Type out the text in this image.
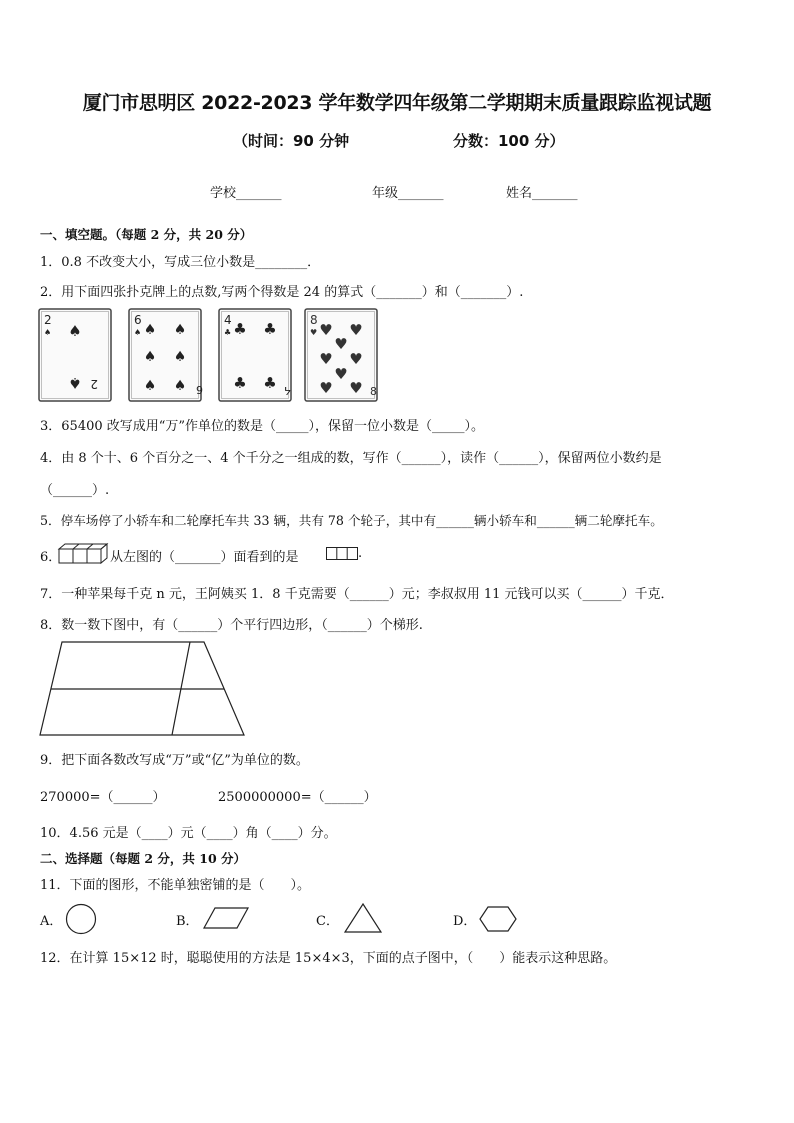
厦门市思明区 2022-2023 学年数学四年级第二学期期末质量跟踪监视试题
（时间：90 分钟	分数：100 分）
学校_______	年级_______	姓名_______
一、填空题。（每题 2 分，共 20 分）
1．0.8 不改变大小，写成三位小数是________．
2．用下面四张扑克牌上的点数,写两个得数是 24 的算式（_______）和（_______）.
2
♠ ♠
♠ 2
6
♠ ♠ ♠
♠ ♠
♠ ♠ 9
4
♣ ♣ ♣
♣ ♣ ᔭ
8
♥ ♥ ♥
♥
♥ ♥
♥
♥ ♥ 8
3．65400 改写成用“万”作单位的数是（_____），保留一位小数是（_____）。
4．由 8 个十、6 个百分之一、4 个千分之一组成的数，写作（______），读作（______），保留两位小数约是
（______）.
5．停车场停了小轿车和二轮摩托车共 33 辆，共有 78 个轮子，其中有______辆小轿车和______辆二轮摩托车。
6．	从左图的（_______）面看到的是	.
7．一种苹果每千克 n 元，王阿姨买 1．8 千克需要（______）元；李叔叔用 11 元钱可以买（______）千克．
8．数一数下图中，有（______）个平行四边形，（______）个梯形.
9．把下面各数改写成“万”或“亿”为单位的数。
270000=（______）	2500000000=（______）
10．4.56 元是（____）元（____）角（____）分。
二、选择题（每题 2 分，共 10 分）
11．下面的图形，不能单独密铺的是（　　）。
A．	B．	C．	D．
12．在计算 15×12 时，聪聪使用的方法是 15×4×3，下面的点子图中，（　　）能表示这种思路。
